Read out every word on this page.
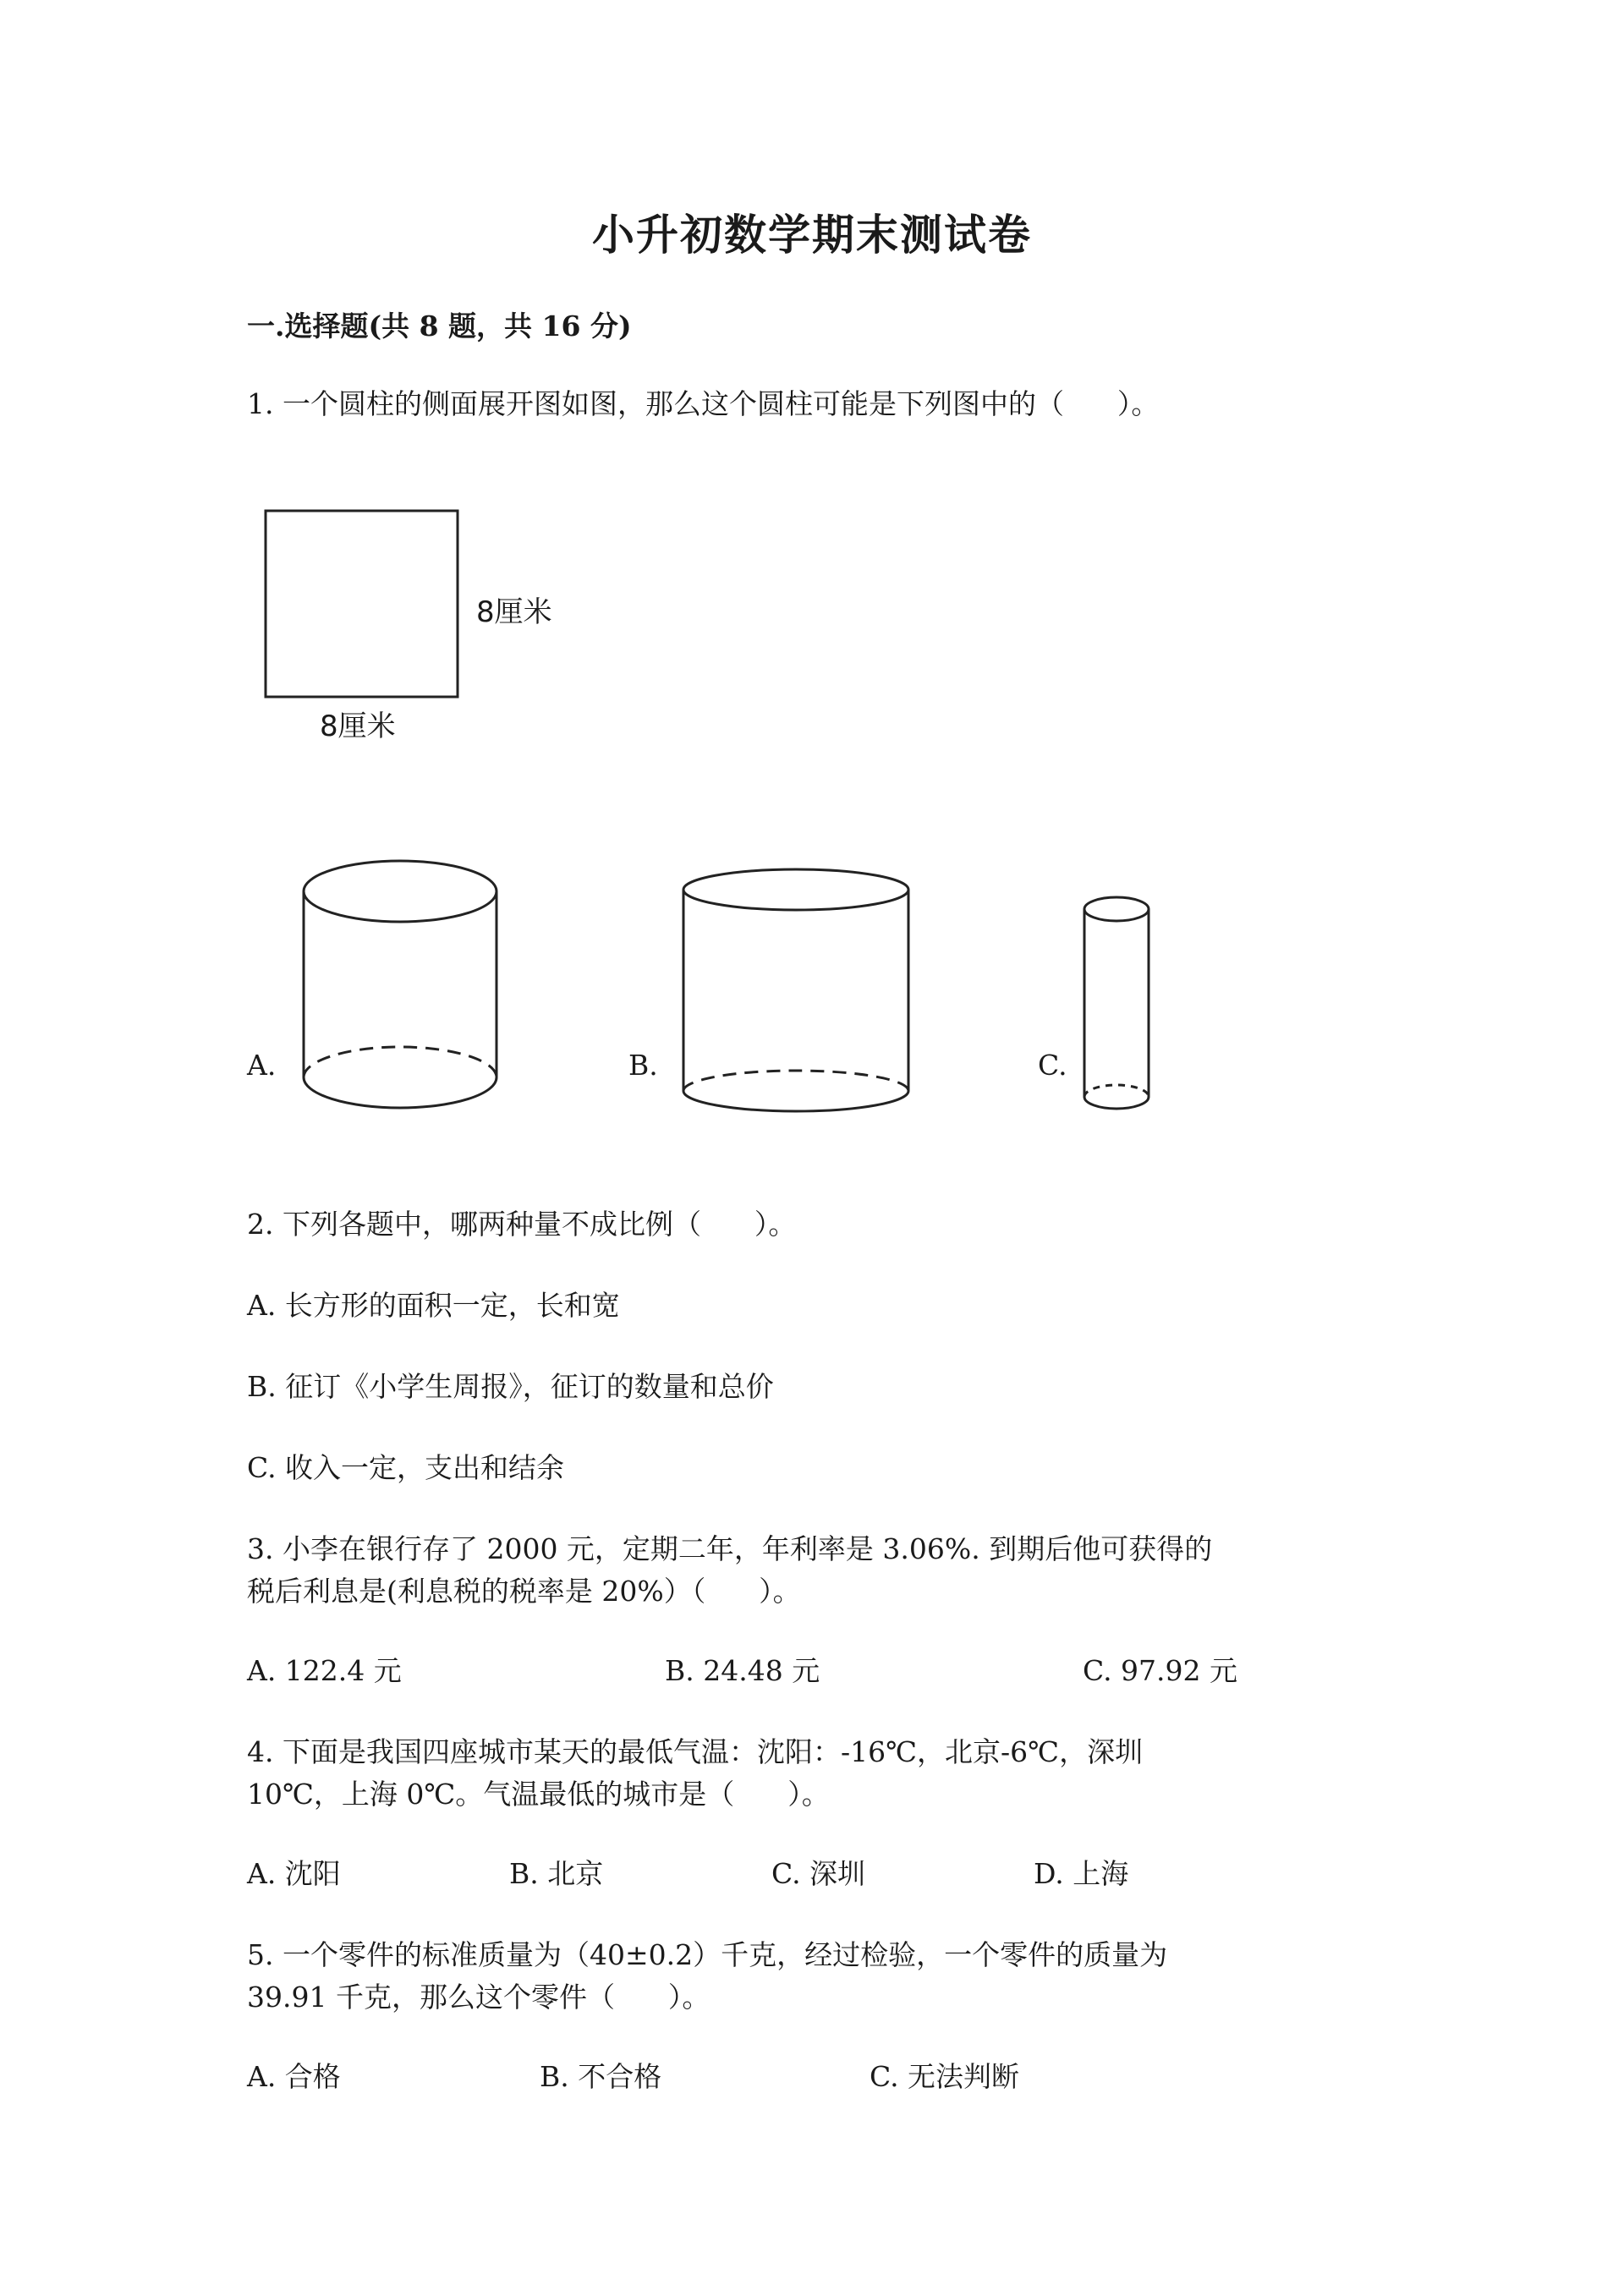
小升初数学期末测试卷
一.选择题(共 8 题，共 16 分)
1. 一个圆柱的侧面展开图如图，那么这个圆柱可能是下列图中的（      ）。
8厘米
8厘米
A.	B.	C.
2. 下列各题中，哪两种量不成比例（      ）。
A. 长方形的面积一定，长和宽
B. 征订《小学生周报》，征订的数量和总价
C. 收入一定，支出和结余
3. 小李在银行存了 2000 元，定期二年，年利率是 3.06%. 到期后他可获得的
税后利息是(利息税的税率是 20%）（      ）。
A. 122.4 元	B. 24.48 元	C. 97.92 元
4. 下面是我国四座城市某天的最低气温：沈阳：-16℃，北京-6℃，深圳
10℃，上海 0℃。气温最低的城市是（      ）。
A. 沈阳	B. 北京	C. 深圳	D. 上海
5. 一个零件的标准质量为（40±0.2）千克，经过检验，一个零件的质量为
39.91 千克，那么这个零件（      ）。
A. 合格	B. 不合格	C. 无法判断
